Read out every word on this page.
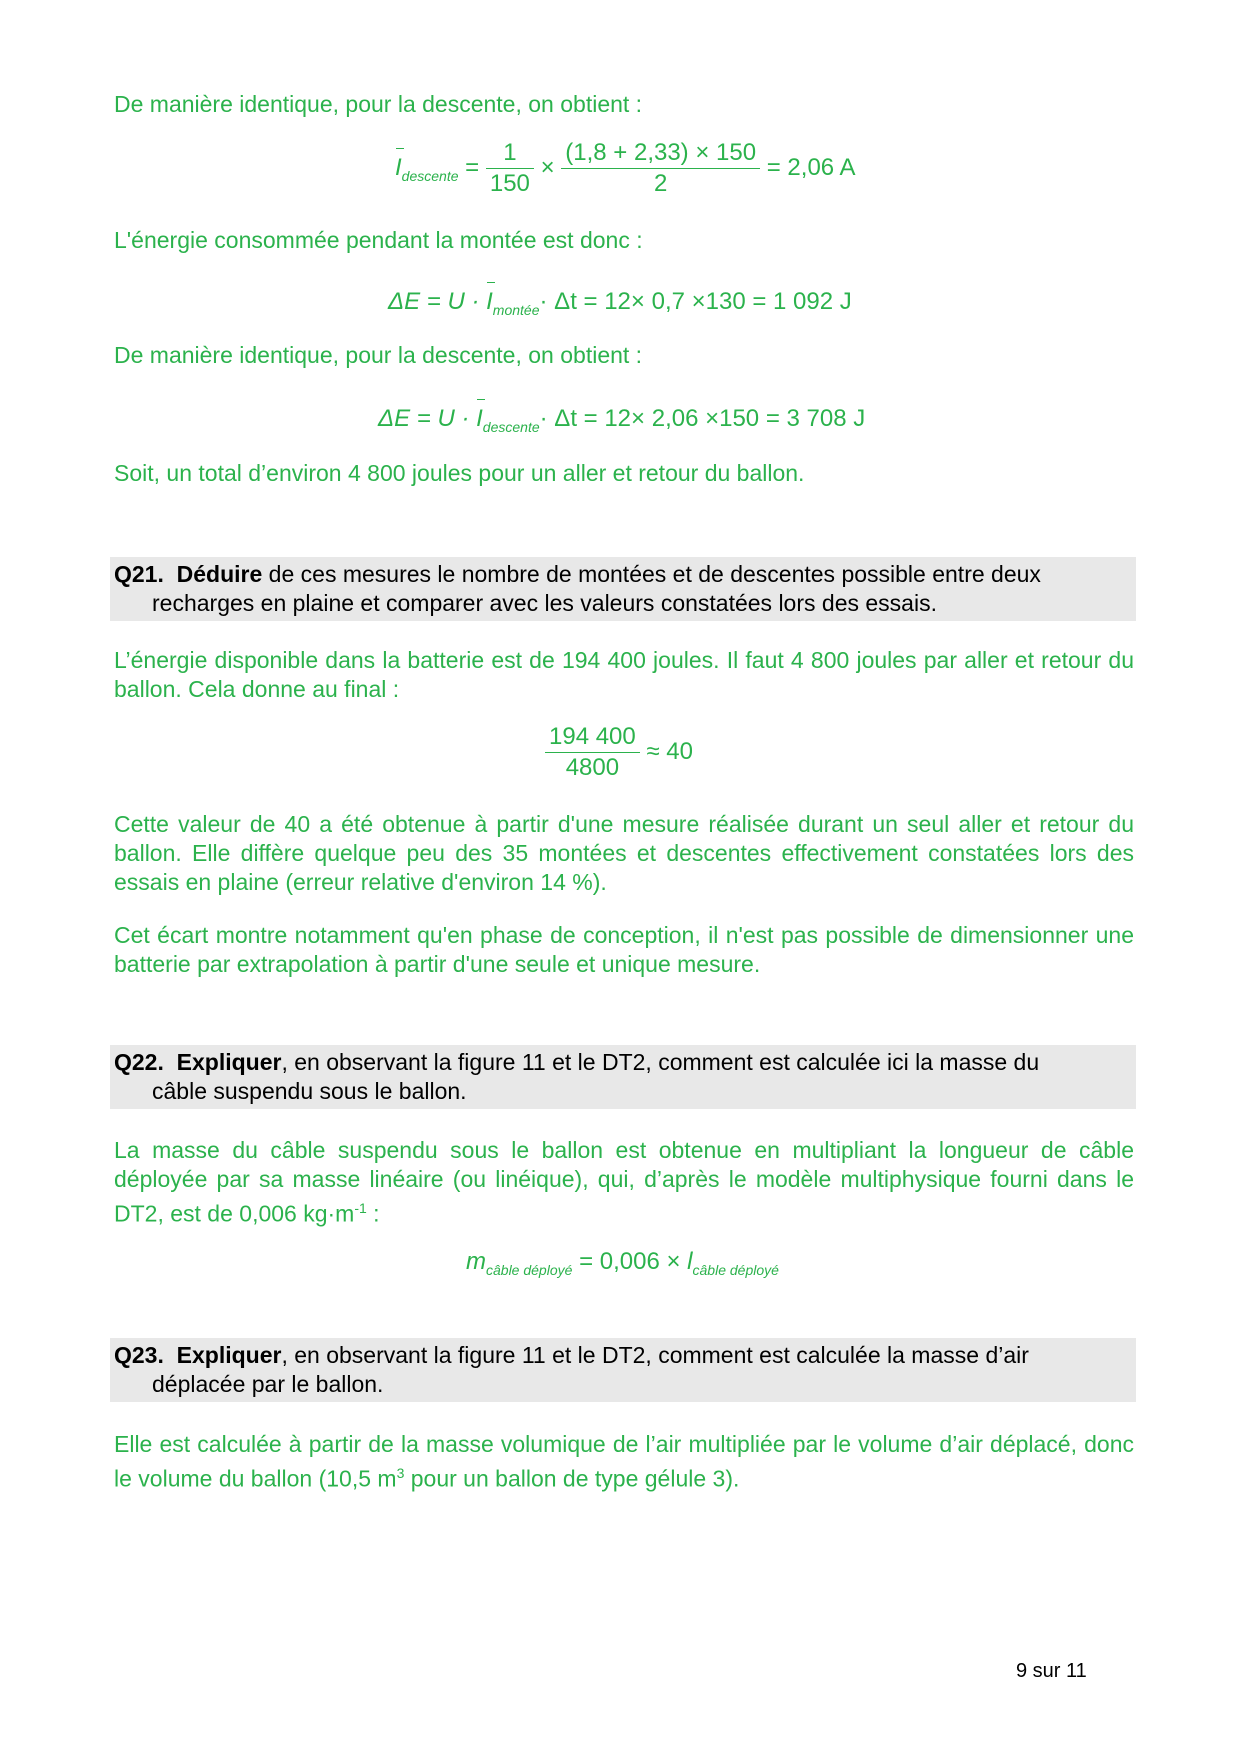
De manière identique, pour la descente, on obtient :
$I_{descente} = \frac{1}{150} \times \frac{(1,8 + 2,33) \times 150}{2} = 2,06$ A
L'énergie consommée pendant la montée est donc :
$\Delta E = U \cdot I_{montée}\cdot \Delta t = 12\times 0,7 \times 130 = 1$ 092 J
De manière identique, pour la descente, on obtient :
$\Delta E = U \cdot I_{descente}\cdot \Delta t = 12\times 2,06 \times 150 = 3$ 708 J
Soit, un total d’environ 4 800 joules pour un aller et retour du ballon.
Q21. Déduire de ces mesures le nombre de montées et de descentes possible entre deux
recharges en plaine et comparer avec les valeurs constatées lors des essais.
L’énergie disponible dans la batterie est de 194 400 joules. Il faut 4 800 joules par aller et retour du ballon. Cela donne au final :
$\frac{194 400}{4800} \approx 40$
Cette valeur de 40 a été obtenue à partir d'une mesure réalisée durant un seul aller et retour du ballon. Elle diffère quelque peu des 35 montées et descentes effectivement constatées lors des essais en plaine (erreur relative d'environ 14 %).
Cet écart montre notamment qu'en phase de conception, il n'est pas possible de dimensionner une batterie par extrapolation à partir d'une seule et unique mesure.
Q22. Expliquer, en observant la figure 11 et le DT2, comment est calculée ici la masse du
câble suspendu sous le ballon.
La masse du câble suspendu sous le ballon est obtenue en multipliant la longueur de câble déployée par sa masse linéaire (ou linéique), qui, d’après le modèle multiphysique fourni dans le DT2, est de 0,006 $kg\cdot m^{-1}$ :
$m_{câble déployé} = 0,006 \times l_{câble déployé}$
Q23. Expliquer, en observant la figure 11 et le DT2, comment est calculée la masse d’air
déplacée par le ballon.
Elle est calculée à partir de la masse volumique de l’air multipliée par le volume d’air déplacé, donc le volume du ballon (10,5 $m^3$ pour un ballon de type gélule 3).
9 sur 11
